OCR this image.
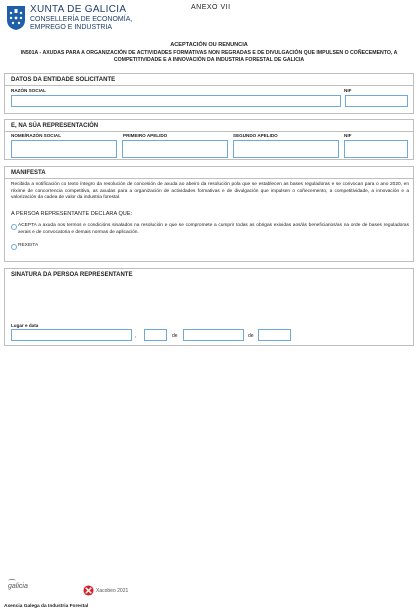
XUNTA DE GALICIA
CONSELLERÍA DE ECONOMÍA,
EMPREGO E INDUSTRIA
ANEXO VII
ACEPTACIÓN OU RENUNCIA
IN501A - AXUDAS PARA A ORGANIZACIÓN DE ACTIVIDADES FORMATIVAS NON REGRADAS E DE DIVULGACIÓN QUE IMPULSEN O COÑECEMENTO, A COMPETITIVIDADE E A INNOVACIÓN DA INDUSTRIA FORESTAL DE GALICIA
DATOS DA ENTIDADE SOLICITANTE
RAZÓN SOCIAL	NIF
E, NA SÚA REPRESENTACIÓN
NOME/RAZÓN SOCIAL	PRIMEIRO APELIDO	SEGUNDO APELIDO	NIF
MANIFESTA
Recibida a notificación co texto íntegro da resolución de concesión de axuda ao abeiro da resolución pola que se establecen as bases reguladoras e se convocan para o ano 2020, en réxime de concorrencia competitiva, as axudas para a organización de actividades formativas e de divulgación que impulsen o coñecemento, a competitividade, a innovación e a valorización da cadea de valor da industria forestal.
A PERSOA REPRESENTANTE DECLARA QUE:
ACEPTA a axuda nos termos e condicións sinalados na resolución e que se compromete a cumprir todas as obrigas exixidas aos/ás beneficiarios/as na orde de bases reguladoras xerais e de convocatoria e demais normas de aplicación.
REXEITA
SINATURA DA PERSOA REPRESENTANTE
Lugar e data
,	de	de
galicia
Xacobeo 2021
Axencia Galega da Industria Forestal
